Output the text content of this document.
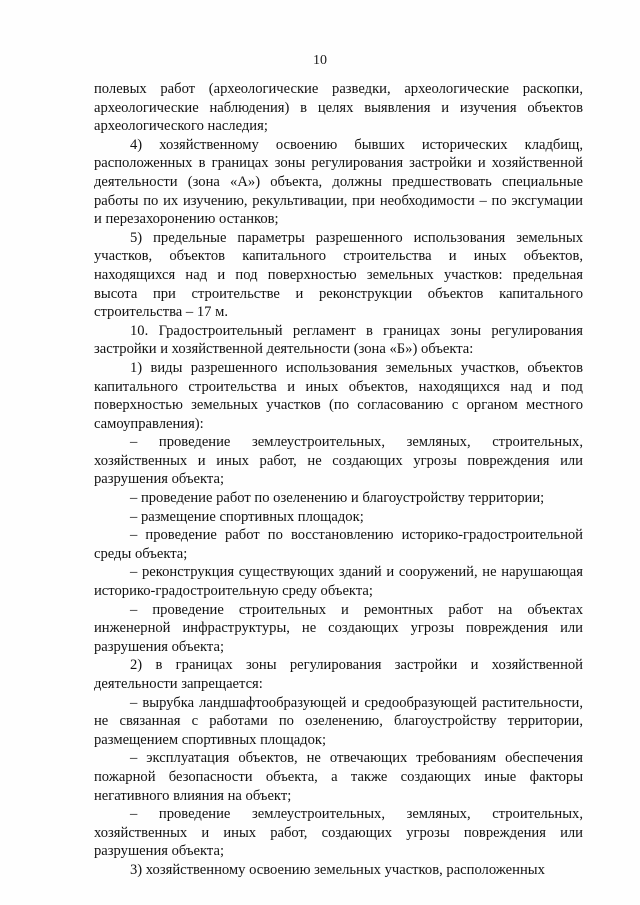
10

полевых работ (археологические разведки, археологические раскопки, археологические наблюдения) в целях выявления и изучения объектов археологического наследия;

4) хозяйственному освоению бывших исторических кладбищ, расположенных в границах зоны регулирования застройки и хозяйственной деятельности (зона «А») объекта, должны предшествовать специальные работы по их изучению, рекультивации, при необходимости – по эксгумации и перезахоронению останков;

5) предельные параметры разрешенного использования земельных участков, объектов капитального строительства и иных объектов, находящихся над и под поверхностью земельных участков: предельная высота при строительстве и реконструкции объектов капитального строительства – 17 м.

10. Градостроительный регламент в границах зоны регулирования застройки и хозяйственной деятельности (зона «Б») объекта:

1) виды разрешенного использования земельных участков, объектов капитального строительства и иных объектов, находящихся над и под поверхностью земельных участков (по согласованию с органом местного самоуправления):

– проведение землеустроительных, земляных, строительных, хозяйственных и иных работ, не создающих угрозы повреждения или разрушения объекта;

– проведение работ по озеленению и благоустройству территории;

– размещение спортивных площадок;

– проведение работ по восстановлению историко-градостроительной среды объекта;

– реконструкция существующих зданий и сооружений, не нарушающая историко-градостроительную среду объекта;

– проведение строительных и ремонтных работ на объектах инженерной инфраструктуры, не создающих угрозы повреждения или разрушения объекта;

2) в границах зоны регулирования застройки и хозяйственной деятельности запрещается:

– вырубка ландшафтообразующей и средообразующей растительности, не связанная с работами по озеленению, благоустройству территории, размещением спортивных площадок;

– эксплуатация объектов, не отвечающих требованиям обеспечения пожарной безопасности объекта, а также создающих иные факторы негативного влияния на объект;

– проведение землеустроительных, земляных, строительных, хозяйственных и иных работ, создающих угрозы повреждения или разрушения объекта;

3) хозяйственному освоению земельных участков, расположенных
